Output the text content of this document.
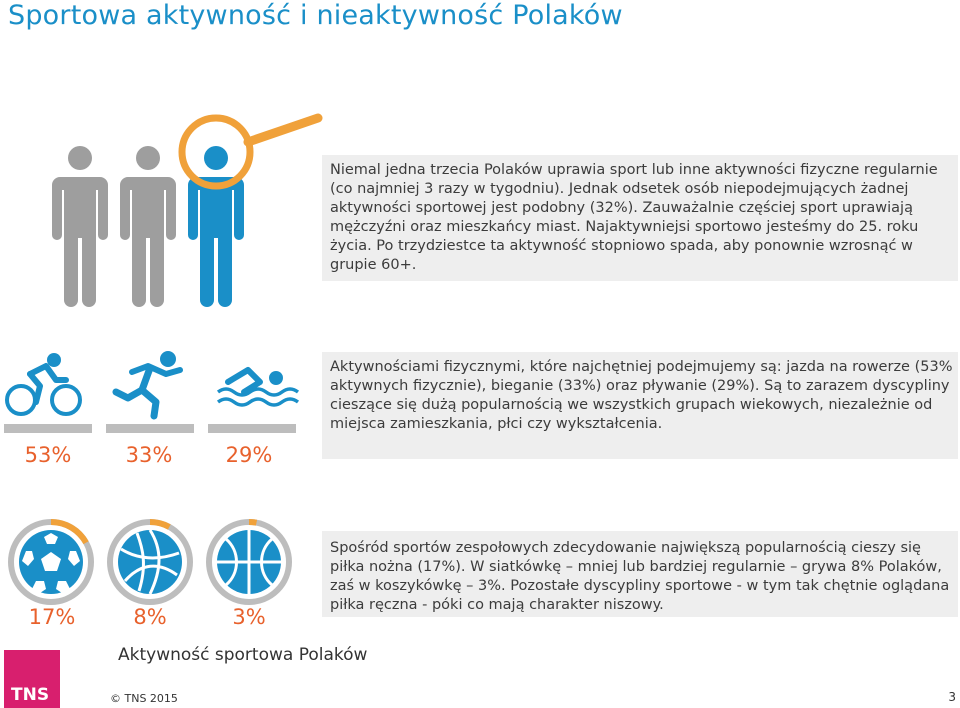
Sportowa aktywność i nieaktywność Polaków

Niemal jedna trzecia Polaków uprawia sport lub inne aktywności fizyczne regularnie (co najmniej 3 razy w tygodniu). Jednak odsetek osób niepodejmujących żadnej aktywności sportowej jest podobny (32%). Zauważalnie częściej sport uprawiają mężczyźni oraz mieszkańcy miast. Najaktywniejsi sportowo jesteśmy do 25. roku życia. Po trzydziestce ta aktywność stopniowo spada, aby ponownie wzrosnąć w grupie 60+.

53%	33%	29%

Aktywnościami fizycznymi, które najchętniej podejmujemy są: jazda na rowerze (53% aktywnych fizycznie), bieganie (33%) oraz pływanie (29%). Są to zarazem dyscypliny cieszące się dużą popularnością we wszystkich grupach wiekowych, niezależnie od miejsca zamieszkania, płci czy wykształcenia.

17%	8%	3%

Spośród sportów zespołowych zdecydowanie największą popularnością cieszy się piłka nożna (17%). W siatkówkę – mniej lub bardziej regularnie – grywa 8% Polaków, zaś w koszykówkę – 3%. Pozostałe dyscypliny sportowe - w tym tak chętnie oglądana piłka ręczna - póki co mają charakter niszowy.

TNS
Aktywność sportowa Polaków
© TNS 2015	3
